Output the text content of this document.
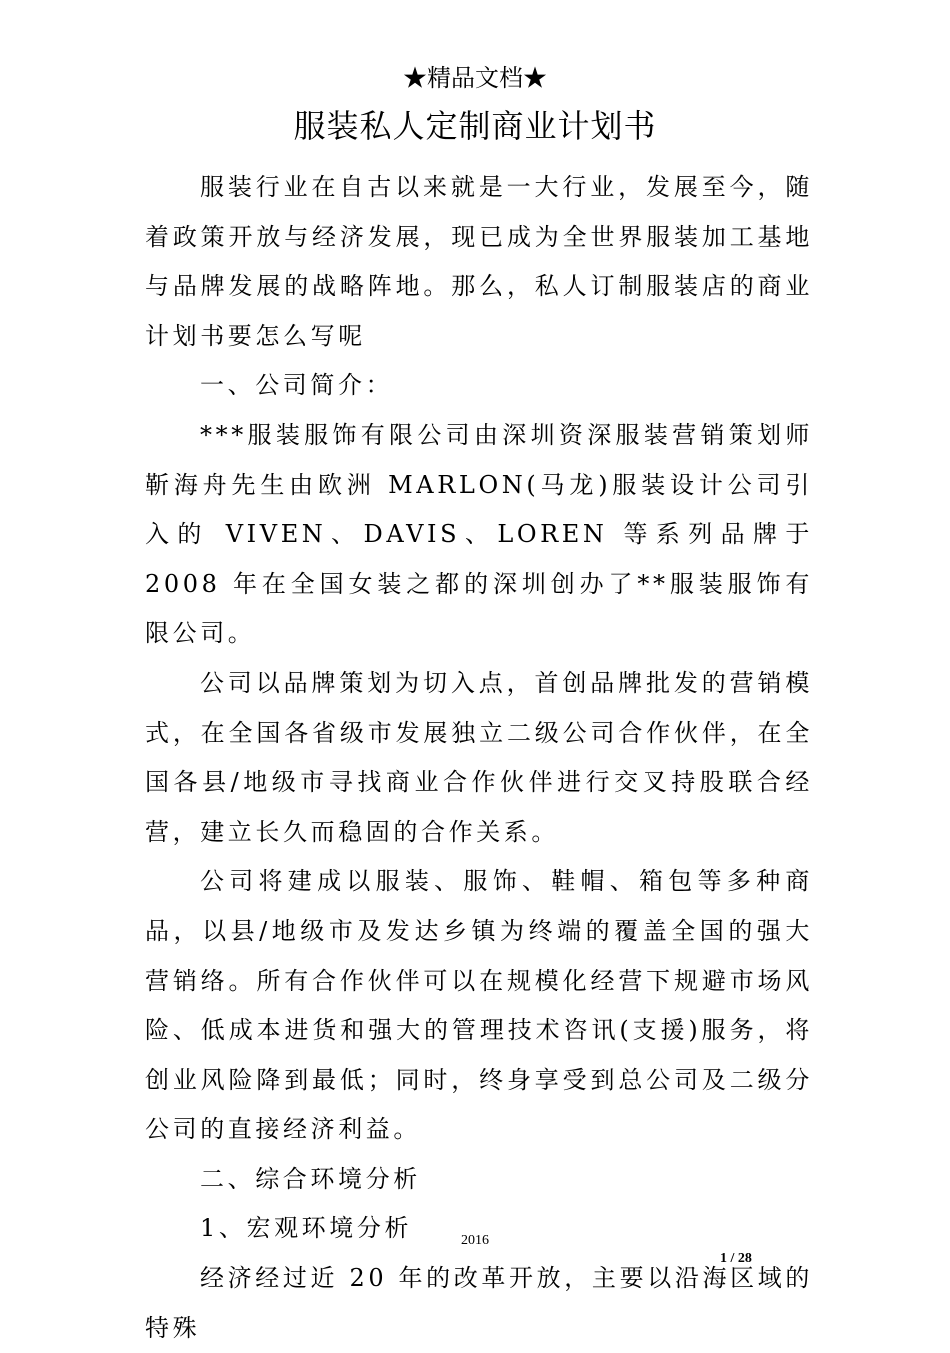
★精品文档★
服装私人定制商业计划书

服装行业在自古以来就是一大行业，发展至今，随着政策开放与经济发展，现已成为全世界服装加工基地与品牌发展的战略阵地。那么，私人订制服装店的商业计划书要怎么写呢

一、公司简介：

***服装服饰有限公司由深圳资深服装营销策划师靳海舟先生由欧洲 MARLON(马龙)服装设计公司引入的 VIVEN、DAVIS、LOREN 等系列品牌于 2008 年在全国女装之都的深圳创办了**服装服饰有限公司。

公司以品牌策划为切入点，首创品牌批发的营销模式，在全国各省级市发展独立二级公司合作伙伴，在全国各县/地级市寻找商业合作伙伴进行交叉持股联合经营，建立长久而稳固的合作关系。

公司将建成以服装、服饰、鞋帽、箱包等多种商品，以县/地级市及发达乡镇为终端的覆盖全国的强大营销络。所有合作伙伴可以在规模化经营下规避市场风险、低成本进货和强大的管理技术咨讯(支援)服务，将创业风险降到最低；同时，终身享受到总公司及二级分公司的直接经济利益。

二、综合环境分析

1、宏观环境分析

经济经过近 20 年的改革开放，主要以沿海区域的特殊

2016
1 / 28
